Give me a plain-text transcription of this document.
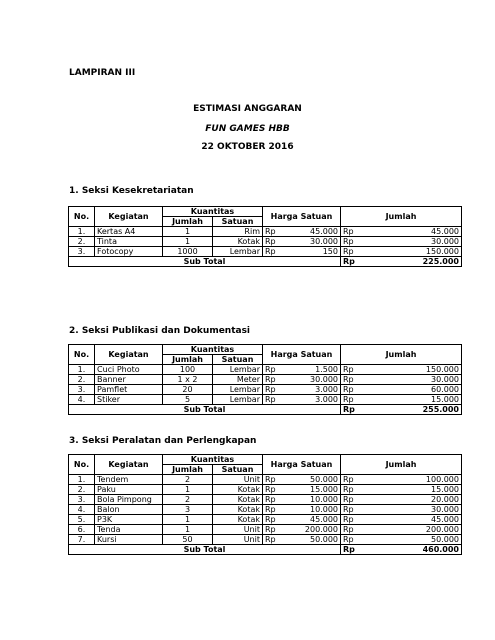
LAMPIRAN III
ESTIMASI ANGGARAN
FUN GAMES HBB
22 OKTOBER 2016
1. Seksi Kesekretariatan
No.	Kegiatan	Kuantitas		Harga Satuan		Jumlah	
		Jumlah	Satuan				
1.	Kertas A4	1	Rim	Rp	45.000	Rp	45.000
2.	Tinta	1	Kotak	Rp	30.000	Rp	30.000
3.	Fotocopy	1000	Lembar	Rp	150	Rp	150.000
Sub Total						Rp	225.000
2. Seksi Publikasi dan Dokumentasi
No.	Kegiatan	Kuantitas		Harga Satuan		Jumlah	
		Jumlah	Satuan				
1.	Cuci Photo	100	Lembar	Rp	1.500	Rp	150.000
2.	Banner	1 x 2	Meter	Rp	30.000	Rp	30.000
3.	Pamflet	20	Lembar	Rp	3.000	Rp	60.000
4.	Stiker	5	Lembar	Rp	3.000	Rp	15.000
Sub Total						Rp	255.000
3. Seksi Peralatan dan Perlengkapan
No.	Kegiatan	Kuantitas		Harga Satuan		Jumlah	
		Jumlah	Satuan				
1.	Tendem	2	Unit	Rp	50.000	Rp	100.000
2.	Paku	1	Kotak	Rp	15.000	Rp	15.000
3.	Bola Pimpong	2	Kotak	Rp	10.000	Rp	20.000
4.	Balon	3	Kotak	Rp	10.000	Rp	30.000
5.	P3K	1	Kotak	Rp	45.000	Rp	45.000
6.	Tenda	1	Unit	Rp	200.000	Rp	200.000
7.	Kursi	50	Unit	Rp	50.000	Rp	50.000
Sub Total						Rp	460.000
